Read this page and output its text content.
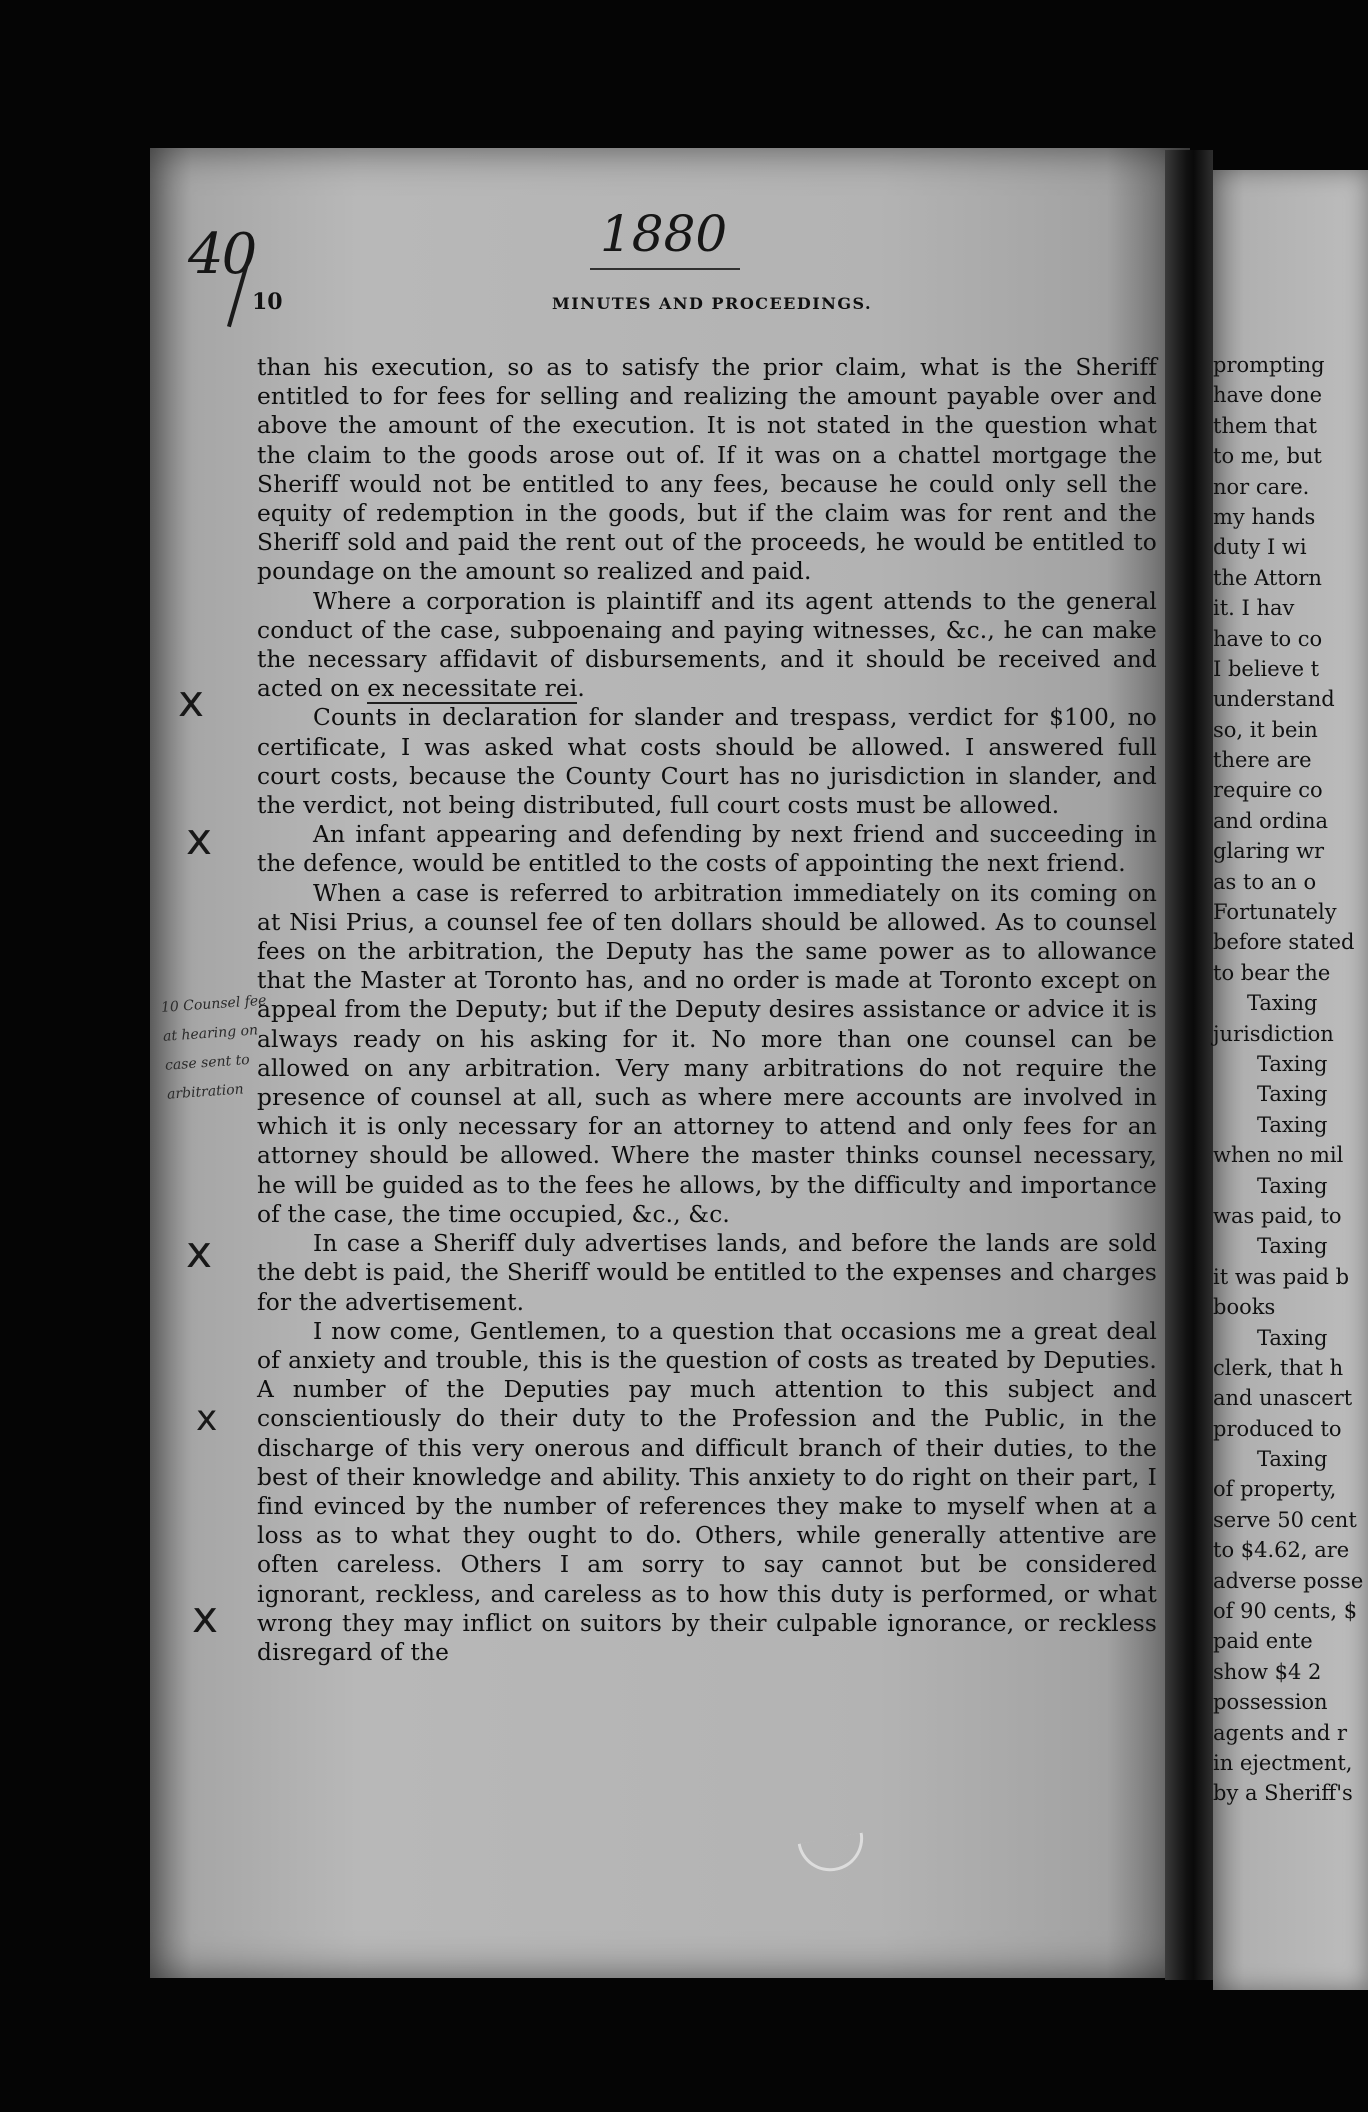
40	1880
10	MINUTES AND PROCEEDINGS.

than his execution, so as to satisfy the prior claim, what is the Sheriff entitled to for fees for selling and realizing the amount payable over and above the amount of the execution. It is not stated in the question what the claim to the goods arose out of. If it was on a chattel mortgage the Sheriff would not be entitled to any fees, because he could only sell the equity of redemption in the goods, but if the claim was for rent and the Sheriff sold and paid the rent out of the proceeds, he would be entitled to poundage on the amount so realized and paid.

Where a corporation is plaintiff and its agent attends to the general conduct of the case, subpoenaing and paying witnesses, &c., he can make the necessary affidavit of disbursements, and it should be received and acted on ex necessitate rei.

Counts in declaration for slander and trespass, verdict for $100, no certificate, I was asked what costs should be allowed. I answered full court costs, because the County Court has no jurisdiction in slander, and the verdict, not being distributed, full court costs must be allowed.

An infant appearing and defending by next friend and succeeding in the defence, would be entitled to the costs of appointing the next friend.

When a case is referred to arbitration immediately on its coming on at Nisi Prius, a counsel fee of ten dollars should be allowed. As to counsel fees on the arbitration, the Deputy has the same power as to allowance that the Master at Toronto has, and no order is made at Toronto except on appeal from the Deputy; but if the Deputy desires assistance or advice it is always ready on his asking for it. No more than one counsel can be allowed on any arbitration. Very many arbitrations do not require the presence of counsel at all, such as where mere accounts are involved in which it is only necessary for an attorney to attend and only fees for an attorney should be allowed. Where the master thinks counsel necessary, he will be guided as to the fees he allows, by the difficulty and importance of the case, the time occupied, &c., &c.

In case a Sheriff duly advertises lands, and before the lands are sold the debt is paid, the Sheriff would be entitled to the expenses and charges for the advertisement.

I now come, Gentlemen, to a question that occasions me a great deal of anxiety and trouble, this is the question of costs as treated by Deputies. A number of the Deputies pay much attention to this subject and conscientiously do their duty to the Profession and the Public, in the discharge of this very onerous and difficult branch of their duties, to the best of their knowledge and ability. This anxiety to do right on their part, I find evinced by the number of references they make to myself when at a loss as to what they ought to do. Others, while generally attentive are often careless. Others I am sorry to say cannot but be considered ignorant, reckless, and careless as to how this duty is performed, or what wrong they may inflict on suitors by their culpable ignorance, or reckless disregard of the

x
x
x
x
x
10 Counsel fee at hearing on case sent to arbitration
prompting
have done
them that
to me, but
nor care.
my hands
duty I wi
the Attorn
it. I hav
have to co
I believe t
understand
so, it bein
there are
require co
and ordina
glaring wr
as to an o
Fortunately
before stated
to bear the
Taxing
jurisdiction
Taxing
Taxing
Taxing
when no mil
Taxing
was paid, to
Taxing
it was paid b
books
Taxing
clerk, that h
and unascert
produced to
Taxing
of property,
serve 50 cent
to $4.62, are
adverse posse
of 90 cents, $
paid ente
show $4 2
possession
agents and r
in ejectment,
by a Sheriff's
